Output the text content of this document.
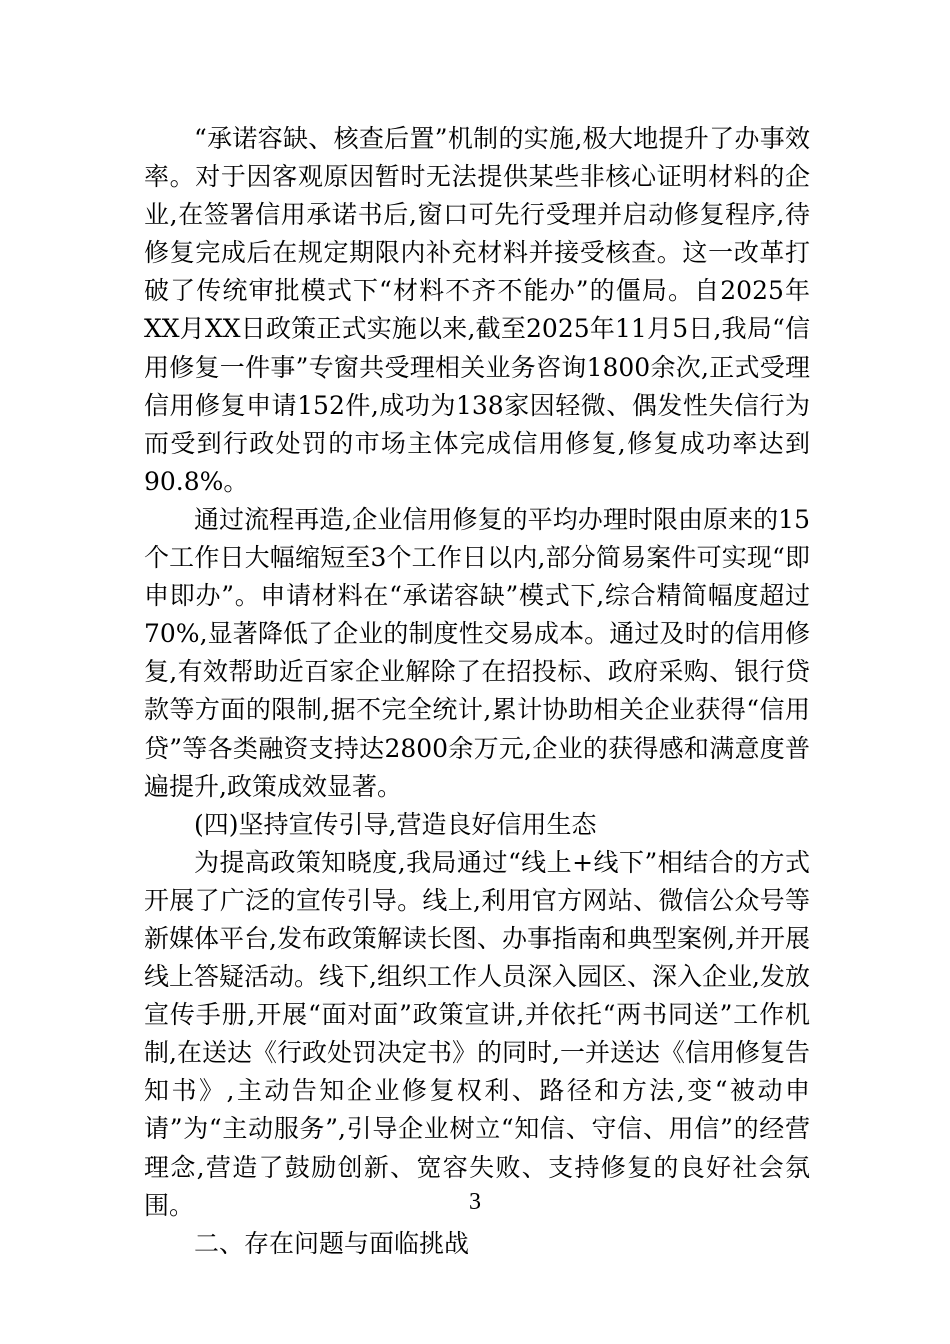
“承诺容缺、核查后置”机制的实施,极大地提升了办事效率。对于因客观原因暂时无法提供某些非核心证明材料的企业,在签署信用承诺书后,窗口可先行受理并启动修复程序,待修复完成后在规定期限内补充材料并接受核查。这一改革打破了传统审批模式下“材料不齐不能办”的僵局。自2025年XX月XX日政策正式实施以来,截至2025年11月5日,我局“信用修复一件事”专窗共受理相关业务咨询1800余次,正式受理信用修复申请152件,成功为138家因轻微、偶发性失信行为而受到行政处罚的市场主体完成信用修复,修复成功率达到90.8%。

通过流程再造,企业信用修复的平均办理时限由原来的15个工作日大幅缩短至3个工作日以内,部分简易案件可实现“即申即办”。申请材料在“承诺容缺”模式下,综合精简幅度超过70%,显著降低了企业的制度性交易成本。通过及时的信用修复,有效帮助近百家企业解除了在招投标、政府采购、银行贷款等方面的限制,据不完全统计,累计协助相关企业获得“信用贷”等各类融资支持达2800余万元,企业的获得感和满意度普遍提升,政策成效显著。

(四)坚持宣传引导,营造良好信用生态

为提高政策知晓度,我局通过“线上+线下”相结合的方式开展了广泛的宣传引导。线上,利用官方网站、微信公众号等新媒体平台,发布政策解读长图、办事指南和典型案例,并开展线上答疑活动。线下,组织工作人员深入园区、深入企业,发放宣传手册,开展“面对面”政策宣讲,并依托“两书同送”工作机制,在送达《行政处罚决定书》的同时,一并送达《信用修复告知书》,主动告知企业修复权利、路径和方法,变“被动申请”为“主动服务”,引导企业树立“知信、守信、用信”的经营理念,营造了鼓励创新、宽容失败、支持修复的良好社会氛围。

二、存在问题与面临挑战

3
